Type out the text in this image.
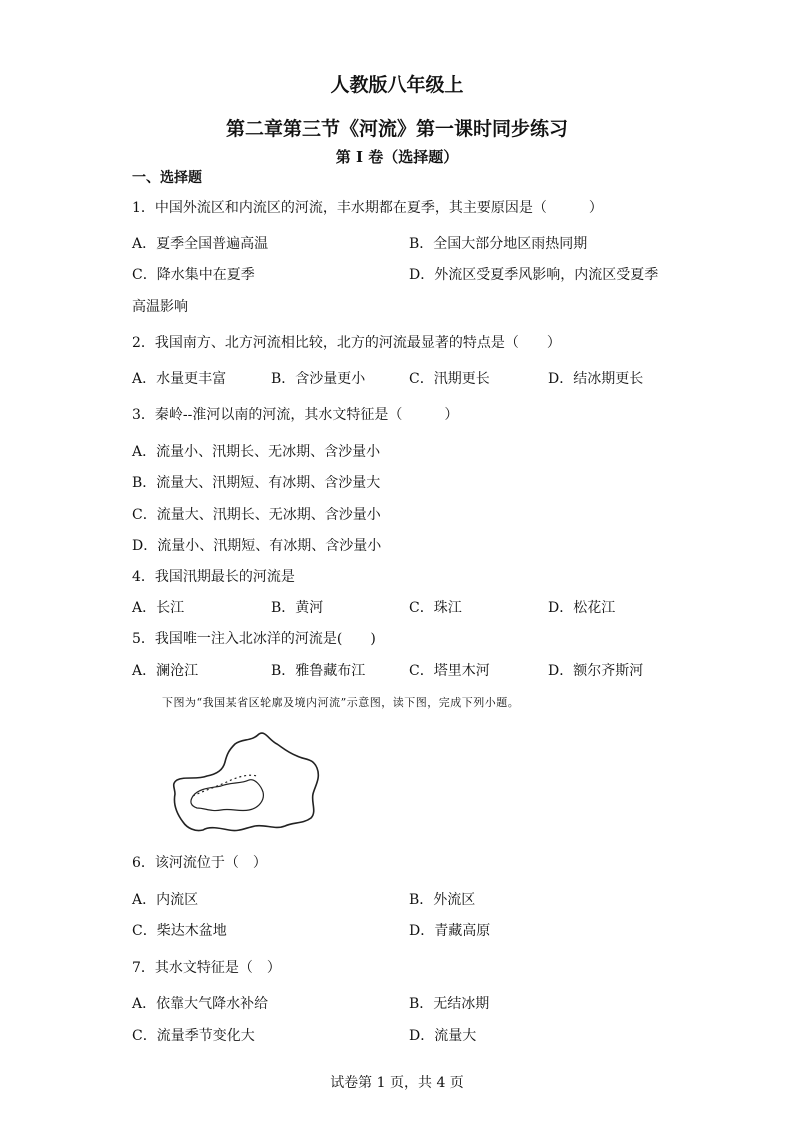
人教版八年级上
第二章第三节《河流》第一课时同步练习
第 I 卷（选择题）
一、选择题
1．中国外流区和内流区的河流，丰水期都在夏季，其主要原因是（　　　）
A．夏季全国普遍高温	B．全国大部分地区雨热同期
C．降水集中在夏季	D．外流区受夏季风影响，内流区受夏季
高温影响
2．我国南方、北方河流相比较，北方的河流最显著的特点是（　　）
A．水量更丰富	B．含沙量更小	C．汛期更长	D．结冰期更长
3．秦岭--淮河以南的河流，其水文特征是（　　　）
A．流量小、汛期长、无冰期、含沙量小
B．流量大、汛期短、有冰期、含沙量大
C．流量大、汛期长、无冰期、含沙量小
D．流量小、汛期短、有冰期、含沙量小
4．我国汛期最长的河流是
A．长江	B．黄河	C．珠江	D．松花江
5．我国唯一注入北冰洋的河流是(　　)
A．澜沧江	B．雅鲁藏布江	C．塔里木河	D．额尔齐斯河
下图为“我国某省区轮廓及境内河流”示意图，读下图，完成下列小题。
6．该河流位于（　）
A．内流区	B．外流区
C．柴达木盆地	D．青藏高原
7．其水文特征是（　）
A．依靠大气降水补给	B．无结冰期
C．流量季节变化大	D．流量大
试卷第 1 页，共 4 页
